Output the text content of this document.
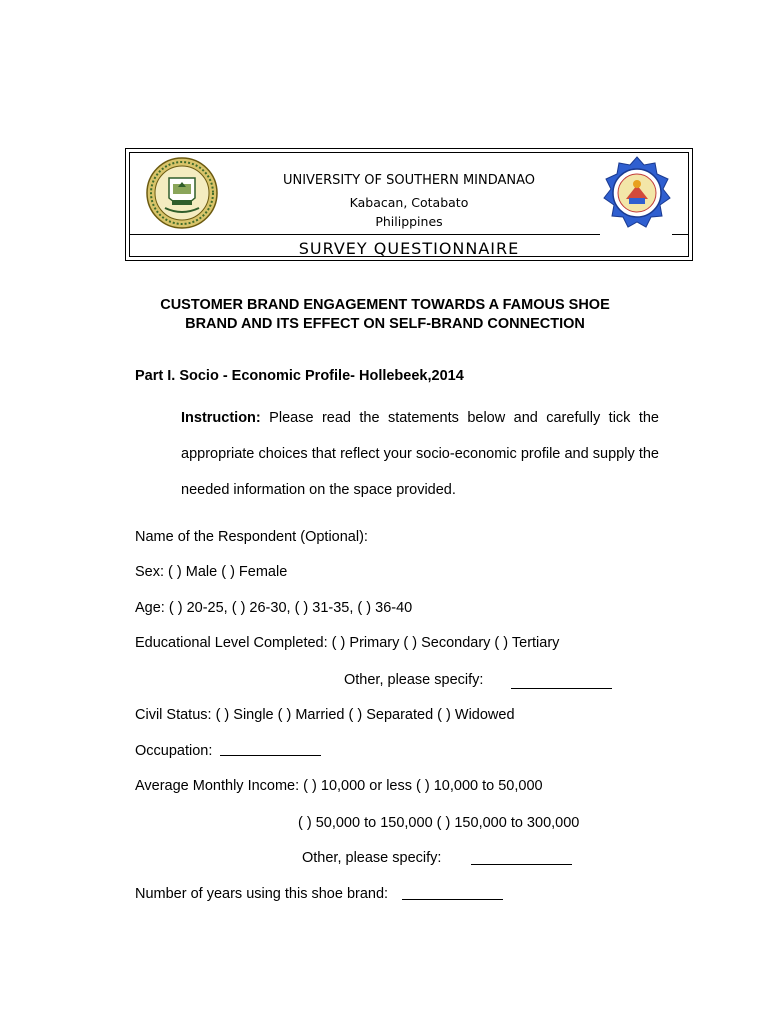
UNIVERSITY OF SOUTHERN MINDANAO
Kabacan, Cotabato
Philippines
SURVEY QUESTIONNAIRE
CUSTOMER BRAND ENGAGEMENT TOWARDS A FAMOUS SHOE
BRAND AND ITS EFFECT ON SELF-BRAND CONNECTION
Part I. Socio - Economic Profile- Hollebeek,2014
Instruction: Please read the statements below and carefully tick the appropriate choices that reflect your socio-economic profile and supply the needed information on the space provided.
Name of the Respondent (Optional):
Sex: ( ) Male ( ) Female
Age: ( ) 20-25, ( ) 26-30, ( ) 31-35, ( ) 36-40
Educational Level Completed: ( ) Primary ( ) Secondary ( ) Tertiary
Other, please specify:
Civil Status: ( ) Single ( ) Married ( ) Separated ( ) Widowed
Occupation:
Average Monthly Income: ( ) 10,000 or less ( ) 10,000 to 50,000
( ) 50,000 to 150,000 ( ) 150,000 to 300,000
Other, please specify:
Number of years using this shoe brand:
